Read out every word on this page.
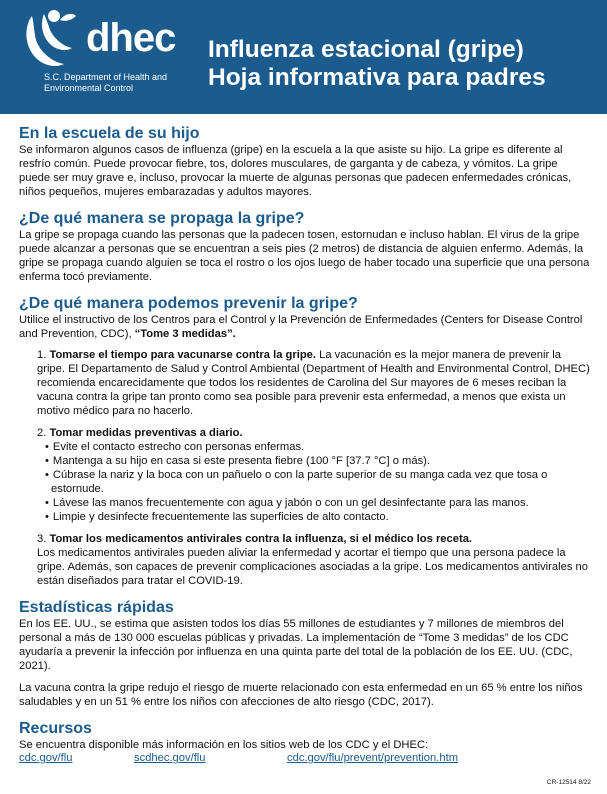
dhec
S.C. Department of Health and
Environmental Control
Influenza estacional (gripe)
Hoja informativa para padres
En la escuela de su hijo

Se informaron algunos casos de influenza (gripe) en la escuela a la que asiste su hijo. La gripe es diferente al resfrío común. Puede provocar fiebre, tos, dolores musculares, de garganta y de cabeza, y vómitos. La gripe puede ser muy grave e, incluso, provocar la muerte de algunas personas que padecen enfermedades crónicas, niños pequeños, mujeres embarazadas y adultos mayores.

¿De qué manera se propaga la gripe?

La gripe se propaga cuando las personas que la padecen tosen, estornudan e incluso hablan. El virus de la gripe puede alcanzar a personas que se encuentran a seis pies (2 metros) de distancia de alguien enfermo. Además, la gripe se propaga cuando alguien se toca el rostro o los ojos luego de haber tocado una superficie que una persona enferma tocó previamente.

¿De qué manera podemos prevenir la gripe?

Utilice el instructivo de los Centros para el Control y la Prevención de Enfermedades (Centers for Disease Control and Prevention, CDC), “Tome 3 medidas”.

1. Tomarse el tiempo para vacunarse contra la gripe. La vacunación es la mejor manera de prevenir la gripe. El Departamento de Salud y Control Ambiental (Department of Health and Environmental Control, DHEC) recomienda encarecidamente que todos los residentes de Carolina del Sur mayores de 6 meses reciban la vacuna contra la gripe tan pronto como sea posible para prevenir esta enfermedad, a menos que exista un motivo médico para no hacerlo.

2. Tomar medidas preventivas a diario.

• Evite el contacto estrecho con personas enfermas.

• Mantenga a su hijo en casa si este presenta fiebre (100 °F [37.7 °C] o más).

• Cúbrase la nariz y la boca con un pañuelo o con la parte superior de su manga cada vez que tosa o estornude.

• Lávese las manos frecuentemente con agua y jabón o con un gel desinfectante para las manos.

• Limpie y desinfecte frecuentemente las superficies de alto contacto.

3. Tomar los medicamentos antivirales contra la influenza, si el médico los receta.

Los medicamentos antivirales pueden aliviar la enfermedad y acortar el tiempo que una persona padece la gripe. Además, son capaces de prevenir complicaciones asociadas a la gripe. Los medicamentos antivirales no están diseñados para tratar el COVID-19.

Estadísticas rápidas

En los EE. UU., se estima que asisten todos los días 55 millones de estudiantes y 7 millones de miembros del personal a más de 130 000 escuelas públicas y privadas. La implementación de “Tome 3 medidas” de los CDC ayudaría a prevenir la infección por influenza en una quinta parte del total de la población de los EE. UU. (CDC, 2021).

La vacuna contra la gripe redujo el riesgo de muerte relacionado con esta enfermedad en un 65 % entre los niños saludables y en un 51 % entre los niños con afecciones de alto riesgo (CDC, 2017).

Recursos

Se encuentra disponible más información en los sitios web de los CDC y el DHEC:

cdc.gov/flu	scdhec.gov/flu	cdc.gov/flu/prevent/prevention.htm
CR-12514 8/22
